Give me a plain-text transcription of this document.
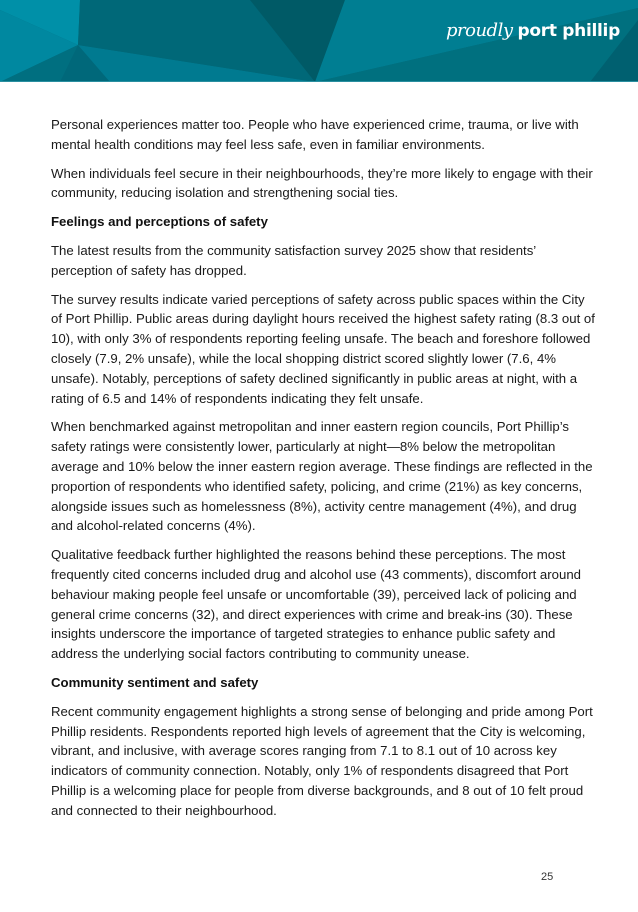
proudly port phillip

Personal experiences matter too. People who have experienced crime, trauma, or live with mental health conditions may feel less safe, even in familiar environments.

When individuals feel secure in their neighbourhoods, they’re more likely to engage with their community, reducing isolation and strengthening social ties.

Feelings and perceptions of safety

The latest results from the community satisfaction survey 2025 show that residents’ perception of safety has dropped.

The survey results indicate varied perceptions of safety across public spaces within the City of Port Phillip. Public areas during daylight hours received the highest safety rating (8.3 out of 10), with only 3% of respondents reporting feeling unsafe. The beach and foreshore followed closely (7.9, 2% unsafe), while the local shopping district scored slightly lower (7.6, 4% unsafe). Notably, perceptions of safety declined significantly in public areas at night, with a rating of 6.5 and 14% of respondents indicating they felt unsafe.

When benchmarked against metropolitan and inner eastern region councils, Port Phillip’s safety ratings were consistently lower, particularly at night—8% below the metropolitan average and 10% below the inner eastern region average. These findings are reflected in the proportion of respondents who identified safety, policing, and crime (21%) as key concerns, alongside issues such as homelessness (8%), activity centre management (4%), and drug and alcohol-related concerns (4%).

Qualitative feedback further highlighted the reasons behind these perceptions. The most frequently cited concerns included drug and alcohol use (43 comments), discomfort around behaviour making people feel unsafe or uncomfortable (39), perceived lack of policing and general crime concerns (32), and direct experiences with crime and break-ins (30). These insights underscore the importance of targeted strategies to enhance public safety and address the underlying social factors contributing to community unease.

Community sentiment and safety

Recent community engagement highlights a strong sense of belonging and pride among Port Phillip residents. Respondents reported high levels of agreement that the City is welcoming, vibrant, and inclusive, with average scores ranging from 7.1 to 8.1 out of 10 across key indicators of community connection. Notably, only 1% of respondents disagreed that Port Phillip is a welcoming place for people from diverse backgrounds, and 8 out of 10 felt proud and connected to their neighbourhood.

25
